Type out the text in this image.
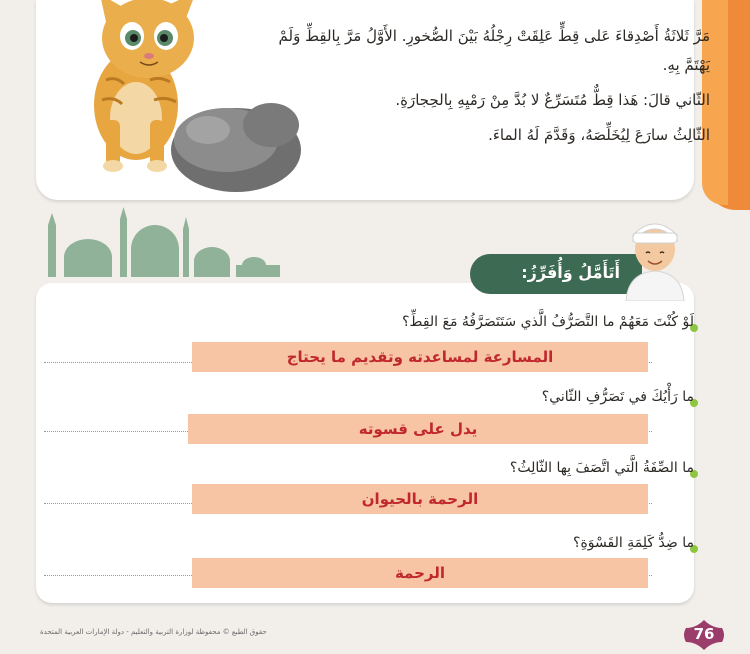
مَرَّ ثَلاثَةُ أَصْدِقاءَ عَلى قِطٍّ عَلِقَتْ رِجْلُهُ بَيْنَ الصُّخورِ. الأَوَّلُ مَرَّ بِالقِطِّ وَلَمْ يَهْتَمَّ بِهِ.

الثّاني قالَ: هَذا قِطٌّ مُتَسَرِّعٌ لا بُدَّ مِنْ رَمْيِهِ بِالحِجارَةِ.

الثّالِثُ سارَعَ لِيُخَلِّصَهُ، وَقَدَّمَ لَهُ الماءَ.

أَتَأَمَّلُ وَأُفَرِّزُ:
لَوْ كُنْتَ مَعَهُمْ ما التَّصَرُّفُ الَّذي سَتَتَصَرَّفُهُ مَعَ القِطِّ؟
المسارعة لمساعدته وتقديم ما يحتاج
ما رَأْيُكَ في تَصَرُّفِ الثّاني؟
يدل على قسوته
ما الصِّفَةُ الَّتي اتَّصَفَ بِها الثّالِثُ؟
الرحمة بالحيوان
ما ضِدُّ كَلِمَةِ القَسْوَةِ؟
الرحمة
حقوق الطبع © محفوظة لوزارة التربية والتعليم - دولة الإمارات العربية المتحدة	76
